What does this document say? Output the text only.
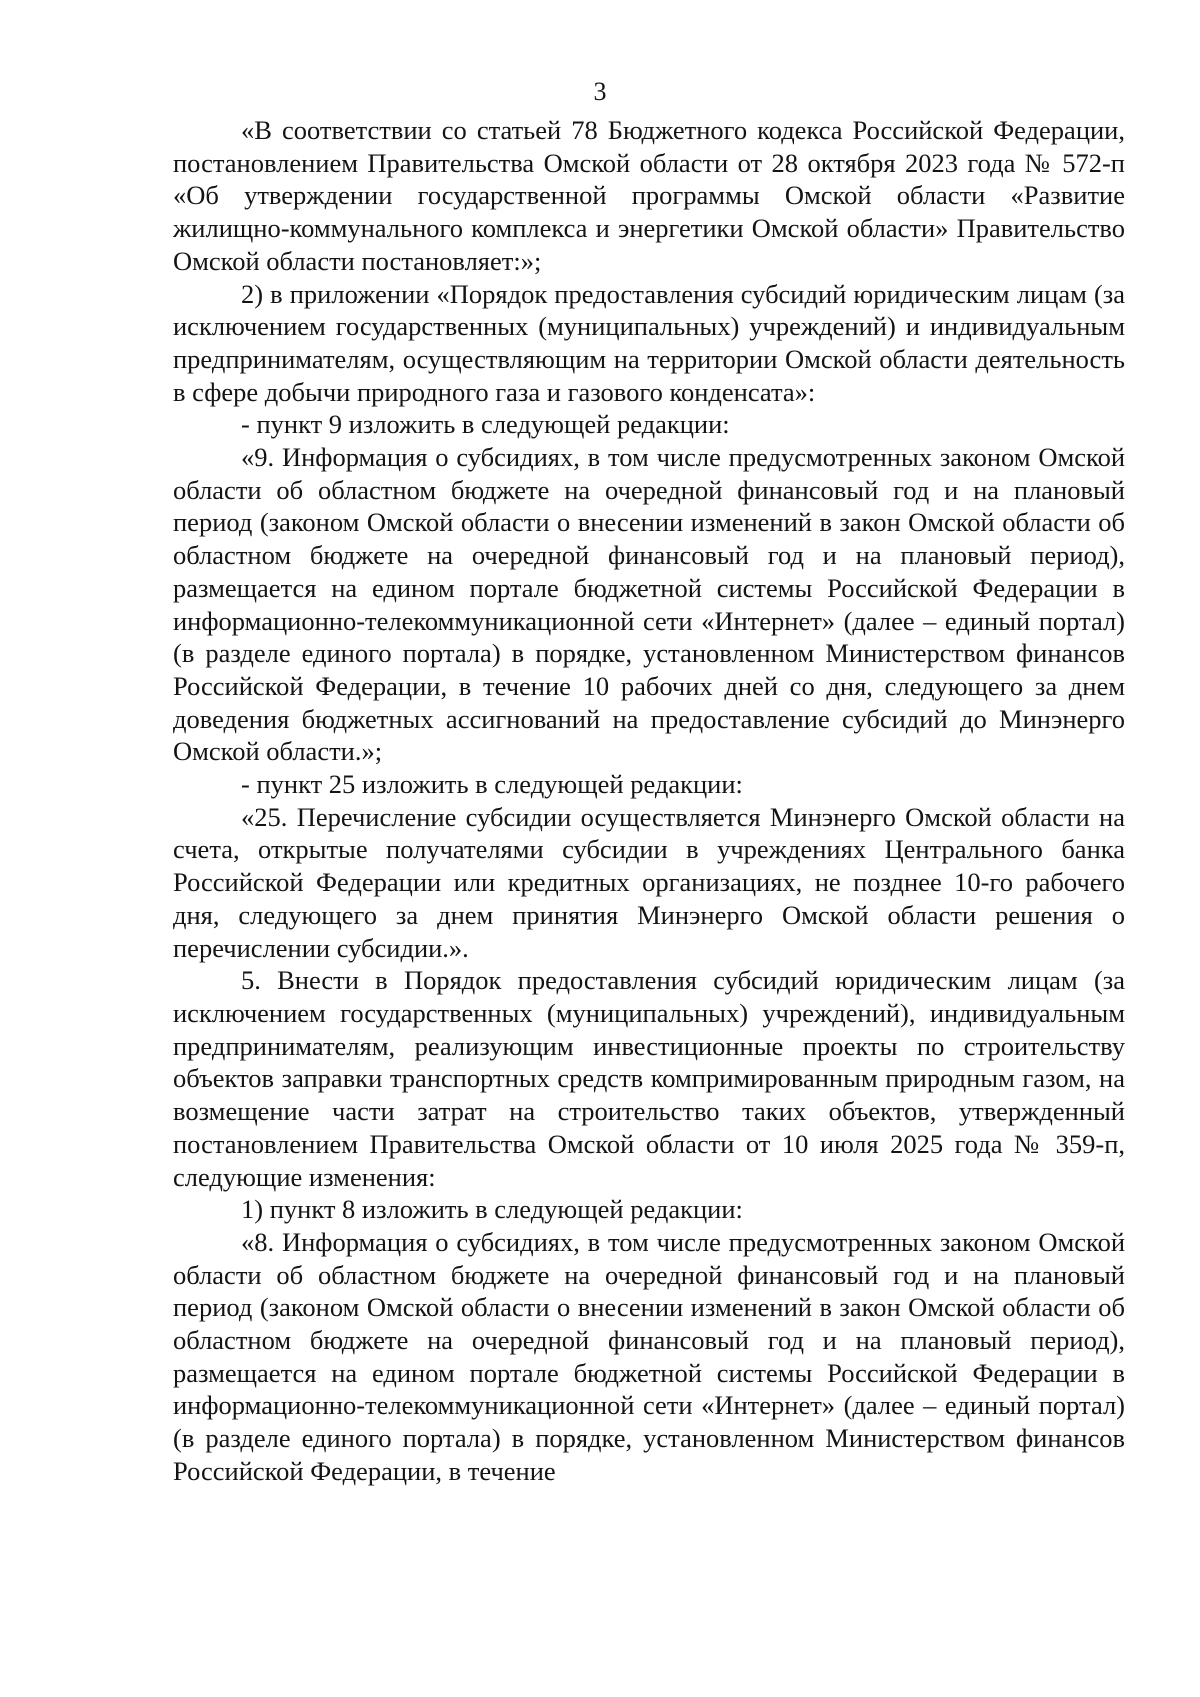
3

«В соответствии со статьей 78 Бюджетного кодекса Российской Федерации, постановлением Правительства Омской области от 28 октября 2023 года № 572-п «Об утверждении государственной программы Омской области «Развитие жилищно-коммунального комплекса и энергетики Омской области» Правительство Омской области постановляет:»;

2) в приложении «Порядок предоставления субсидий юридическим лицам (за исключением государственных (муниципальных) учреждений) и индивидуальным предпринимателям, осуществляющим на территории Омской области деятельность в сфере добычи природного газа и газового конденсата»:

- пункт 9 изложить в следующей редакции:

«9. Информация о субсидиях, в том числе предусмотренных законом Омской области об областном бюджете на очередной финансовый год и на плановый период (законом Омской области о внесении изменений в закон Омской области об областном бюджете на очередной финансовый год и на плановый период), размещается на едином портале бюджетной системы Российской Федерации в информационно-телекоммуникационной сети «Интернет» (далее – единый портал) (в разделе единого портала) в порядке, установленном Министерством финансов Российской Федерации, в течение 10 рабочих дней со дня, следующего за днем доведения бюджетных ассигнований на предоставление субсидий до Минэнерго Омской области.»;

- пункт 25 изложить в следующей редакции:

«25. Перечисление субсидии осуществляется Минэнерго Омской области на счета, открытые получателями субсидии в учреждениях Центрального банка Российской Федерации или кредитных организациях, не позднее 10-го рабочего дня, следующего за днем принятия Минэнерго Омской области решения о перечислении субсидии.».

5. Внести в Порядок предоставления субсидий юридическим лицам (за исключением государственных (муниципальных) учреждений), индивидуальным предпринимателям, реализующим инвестиционные проекты по строительству объектов заправки транспортных средств компримированным природным газом, на возмещение части затрат на строительство таких объектов, утвержденный постановлением Правительства Омской области от 10 июля 2025 года № 359-п, следующие изменения:

1) пункт 8 изложить в следующей редакции:

«8. Информация о субсидиях, в том числе предусмотренных законом Омской области об областном бюджете на очередной финансовый год и на плановый период (законом Омской области о внесении изменений в закон Омской области об областном бюджете на очередной финансовый год и на плановый период), размещается на едином портале бюджетной системы Российской Федерации в информационно-телекоммуникационной сети «Интернет» (далее – единый портал) (в разделе единого портала) в порядке, установленном Министерством финансов Российской Федерации, в течение
